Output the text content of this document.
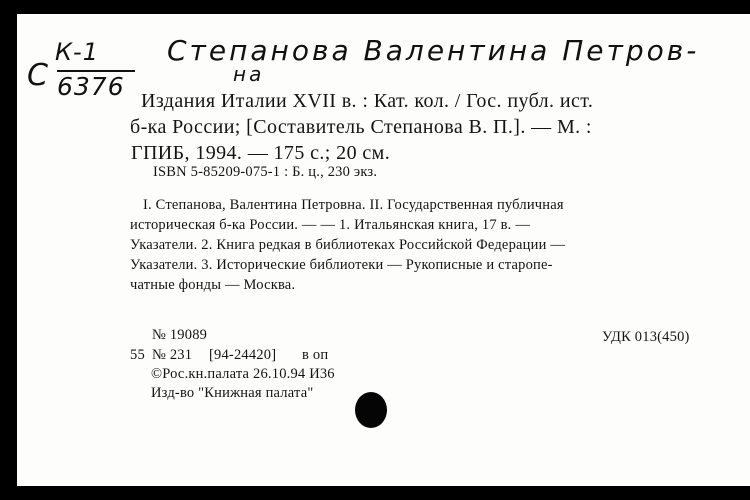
С
К-1
6376
Степанова Валентина Петров-
на
Издания Италии XVII в. : Кат. кол. / Гос. публ. ист.
б-ка России; [Составитель Степанова В. П.]. — М. :
ГПИБ, 1994. — 175 с.; 20 см.
ISBN 5-85209-075-1 : Б. ц., 230 экз.
I. Степанова, Валентина Петровна. II. Государственная публичная
историческая б-ка России. — — 1. Итальянская книга, 17 в. —
Указатели. 2. Книга редкая в библиотеках Российской Федерации —
Указатели. 3. Исторические библиотеки — Рукописные и старопе-
чатные фонды — Москва.
№ 19089	УДК 013(450)
55 № 231 [94-24420] в оп
©Рос.кн.палата 26.10.94 И36
Изд-во "Книжная палата"
